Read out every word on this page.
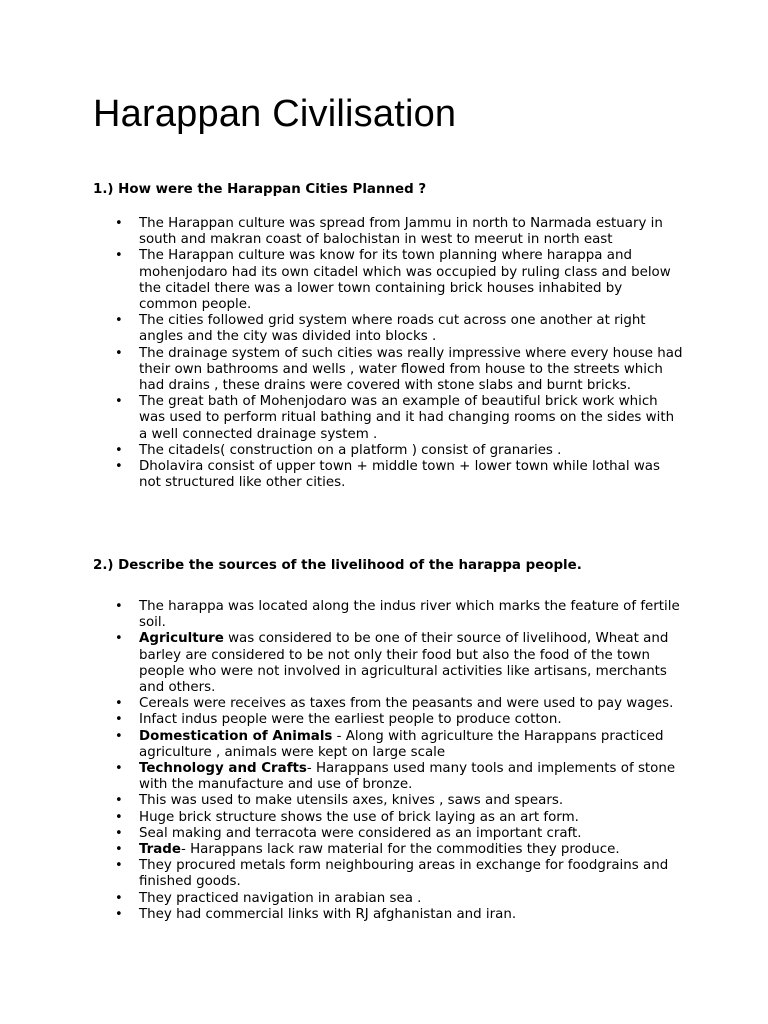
Harappan Civilisation

1.) How were the Harappan Cities Planned ?

• The Harappan culture was spread from Jammu in north to Narmada estuary in south and makran coast of balochistan in west to meerut in north east
• The Harappan culture was know for its town planning where harappa and mohenjodaro had its own citadel which was occupied by ruling class and below the citadel there was a lower town containing brick houses inhabited by common people.
• The cities followed grid system where roads cut across one another at right angles and the city was divided into blocks .
• The drainage system of such cities was really impressive where every house had their own bathrooms and wells , water flowed from house to the streets which had drains , these drains were covered with stone slabs and burnt bricks.
• The great bath of Mohenjodaro was an example of beautiful brick work which was used to perform ritual bathing and it had changing rooms on the sides with a well connected drainage system .
• The citadels( construction on a platform ) consist of granaries .
• Dholavira consist of upper town + middle town + lower town while lothal was not structured like other cities.

2.) Describe the sources of the livelihood of the harappa people.

• The harappa was located along the indus river which marks the feature of fertile soil.
• Agriculture was considered to be one of their source of livelihood, Wheat and barley are considered to be not only their food but also the food of the town people who were not involved in agricultural activities like artisans, merchants and others.
• Cereals were receives as taxes from the peasants and were used to pay wages.
• Infact indus people were the earliest people to produce cotton.
• Domestication of Animals - Along with agriculture the Harappans practiced agriculture , animals were kept on large scale
• Technology and Crafts- Harappans used many tools and implements of stone with the manufacture and use of bronze.
• This was used to make utensils axes, knives , saws and spears.
• Huge brick structure shows the use of brick laying as an art form.
• Seal making and terracota were considered as an important craft.
• Trade- Harappans lack raw material for the commodities they produce.
• They procured metals form neighbouring areas in exchange for foodgrains and finished goods.
• They practiced navigation in arabian sea .
• They had commercial links with RJ afghanistan and iran.
